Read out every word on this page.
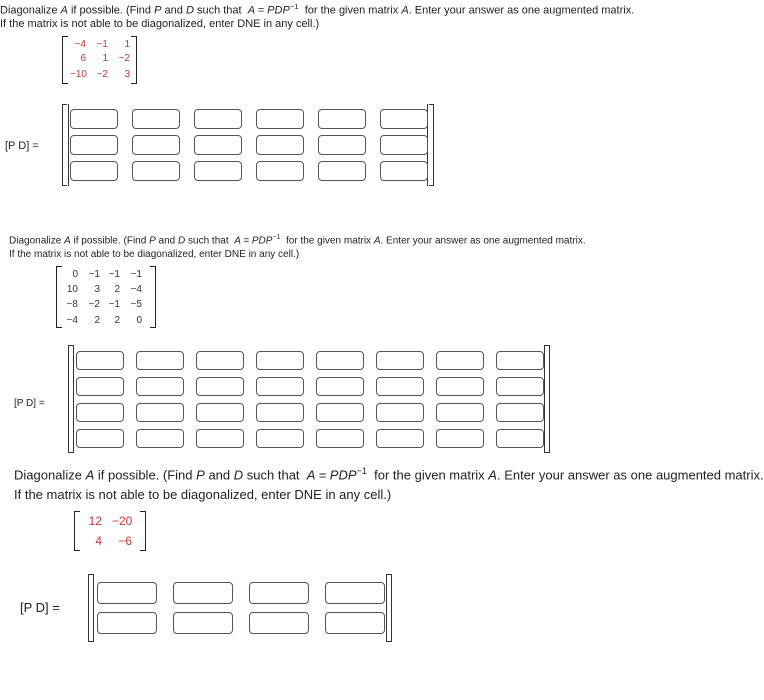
Diagonalize A if possible. (Find P and D such that $A = PDP^{-1}$ for the given matrix A. Enter your answer as one augmented matrix.
If the matrix is not able to be diagonalized, enter DNE in any cell.)
−4	−1	1
6	1	−2
−10 −2	3
[P D] =
Diagonalize A if possible. (Find P and D such that $A = PDP^{-1}$ for the given matrix A. Enter your answer as one augmented matrix.
If the matrix is not able to be diagonalized, enter DNE in any cell.)
0	−1 −1	−1
10	3	2	−4
−8	−2 −1	−5
−4	2	2	0
[P D] =
Diagonalize A if possible. (Find P and D such that $A = PDP^{-1}$ for the given matrix A. Enter your answer as one augmented matrix.
If the matrix is not able to be diagonalized, enter DNE in any cell.)
12 −20
4	−6
[P D] =
